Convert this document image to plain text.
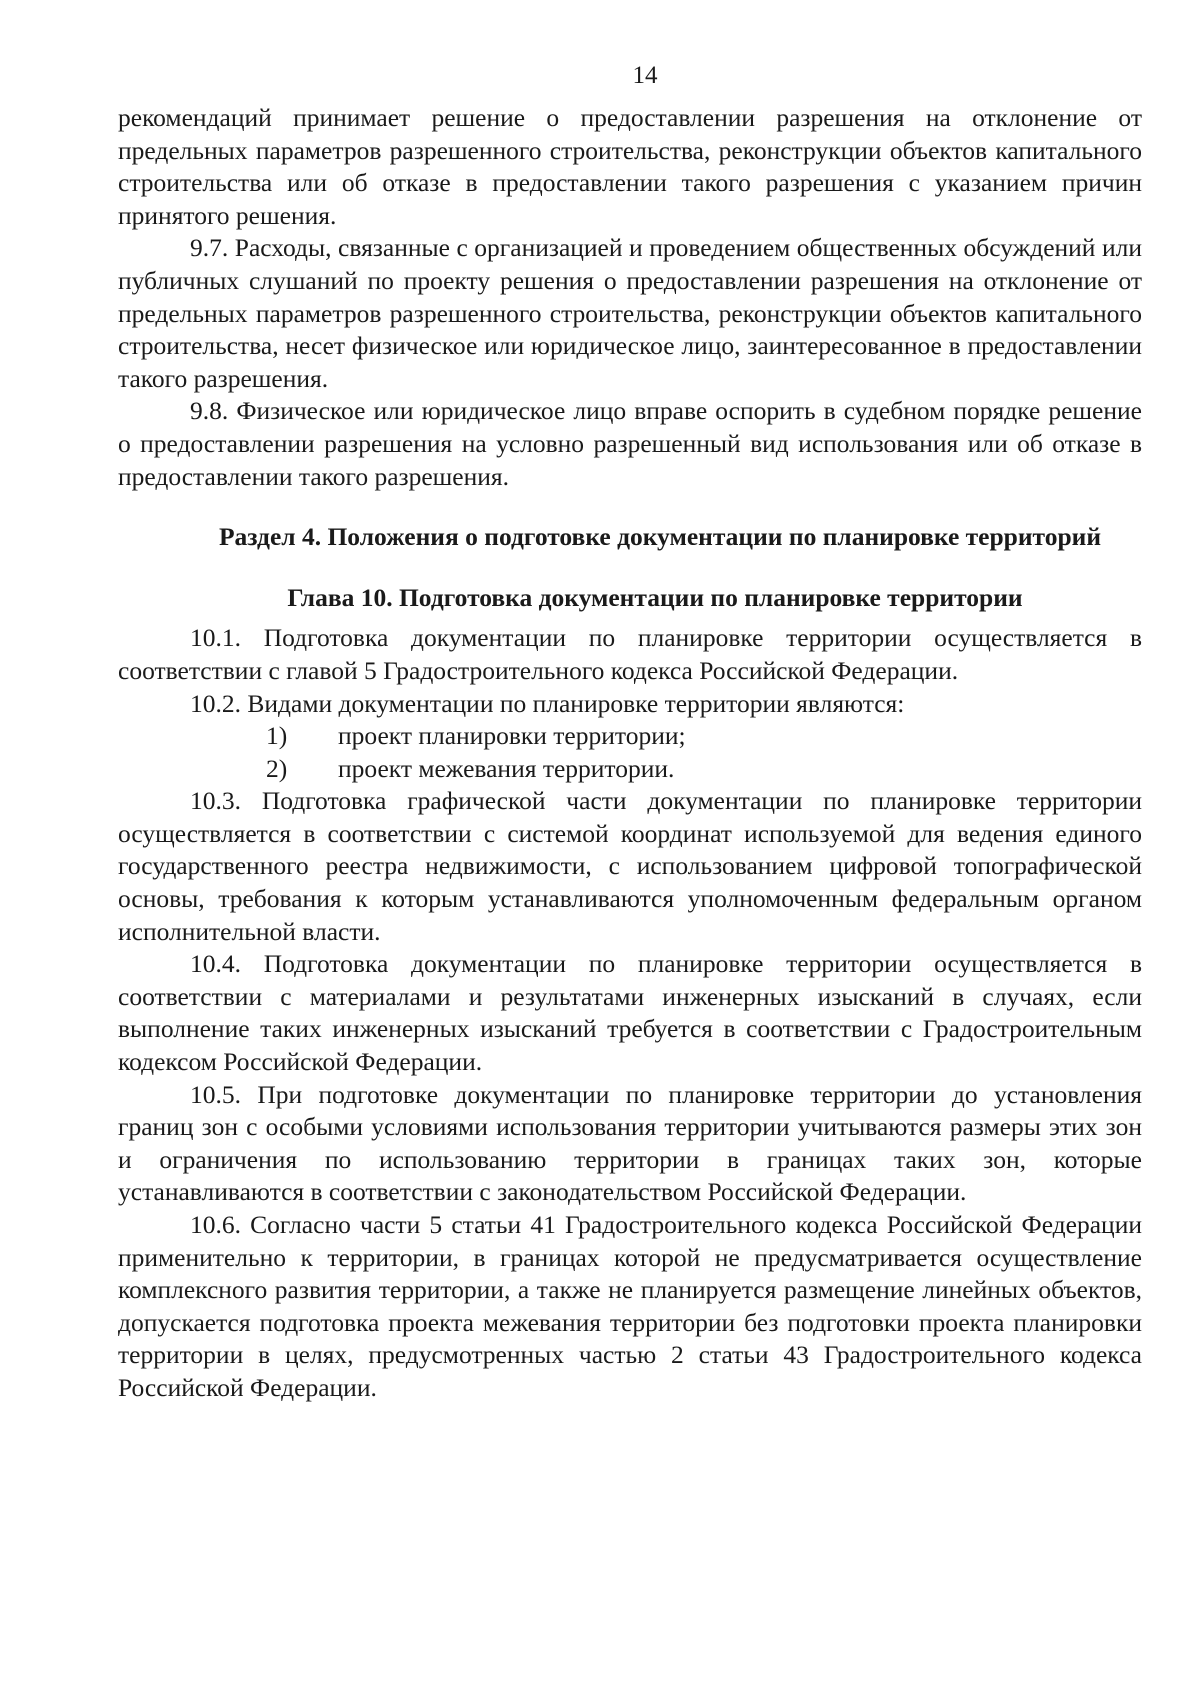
14

рекомендаций принимает решение о предоставлении разрешения на отклонение от предельных параметров разрешенного строительства, реконструкции объектов капитального строительства или об отказе в предоставлении такого разрешения с указанием причин принятого решения.

9.7. Расходы, связанные с организацией и проведением общественных обсуждений или публичных слушаний по проекту решения о предоставлении разрешения на отклонение от предельных параметров разрешенного строительства, реконструкции объектов капитального строительства, несет физическое или юридическое лицо, заинтересованное в предоставлении такого разрешения.

9.8. Физическое или юридическое лицо вправе оспорить в судебном порядке решение о предоставлении разрешения на условно разрешенный вид использования или об отказе в предоставлении такого разрешения.

Раздел 4. Положения о подготовке документации по планировке территорий
Глава 10. Подготовка документации по планировке территории

10.1. Подготовка документации по планировке территории осуществляется в соответствии с главой 5 Градостроительного кодекса Российской Федерации.

10.2. Видами документации по планировке территории являются:

1)	проект планировки территории;
2)	проект межевания территории.

10.3. Подготовка графической части документации по планировке территории осуществляется в соответствии с системой координат используемой для ведения единого государственного реестра недвижимости, с использованием цифровой топографической основы, требования к которым устанавливаются уполномоченным федеральным органом исполнительной власти.

10.4. Подготовка документации по планировке территории осуществляется в соответствии с материалами и результатами инженерных изысканий в случаях, если выполнение таких инженерных изысканий требуется в соответствии с Градостроительным кодексом Российской Федерации.

10.5. При подготовке документации по планировке территории до установления границ зон с особыми условиями использования территории учитываются размеры этих зон и ограничения по использованию территории в границах таких зон, которые устанавливаются в соответствии с законодательством Российской Федерации.

10.6. Согласно части 5 статьи 41 Градостроительного кодекса Российской Федерации применительно к территории, в границах которой не предусматривается осуществление комплексного развития территории, а также не планируется размещение линейных объектов, допускается подготовка проекта межевания территории без подготовки проекта планировки территории в целях, предусмотренных частью 2 статьи 43 Градостроительного кодекса Российской Федерации.
